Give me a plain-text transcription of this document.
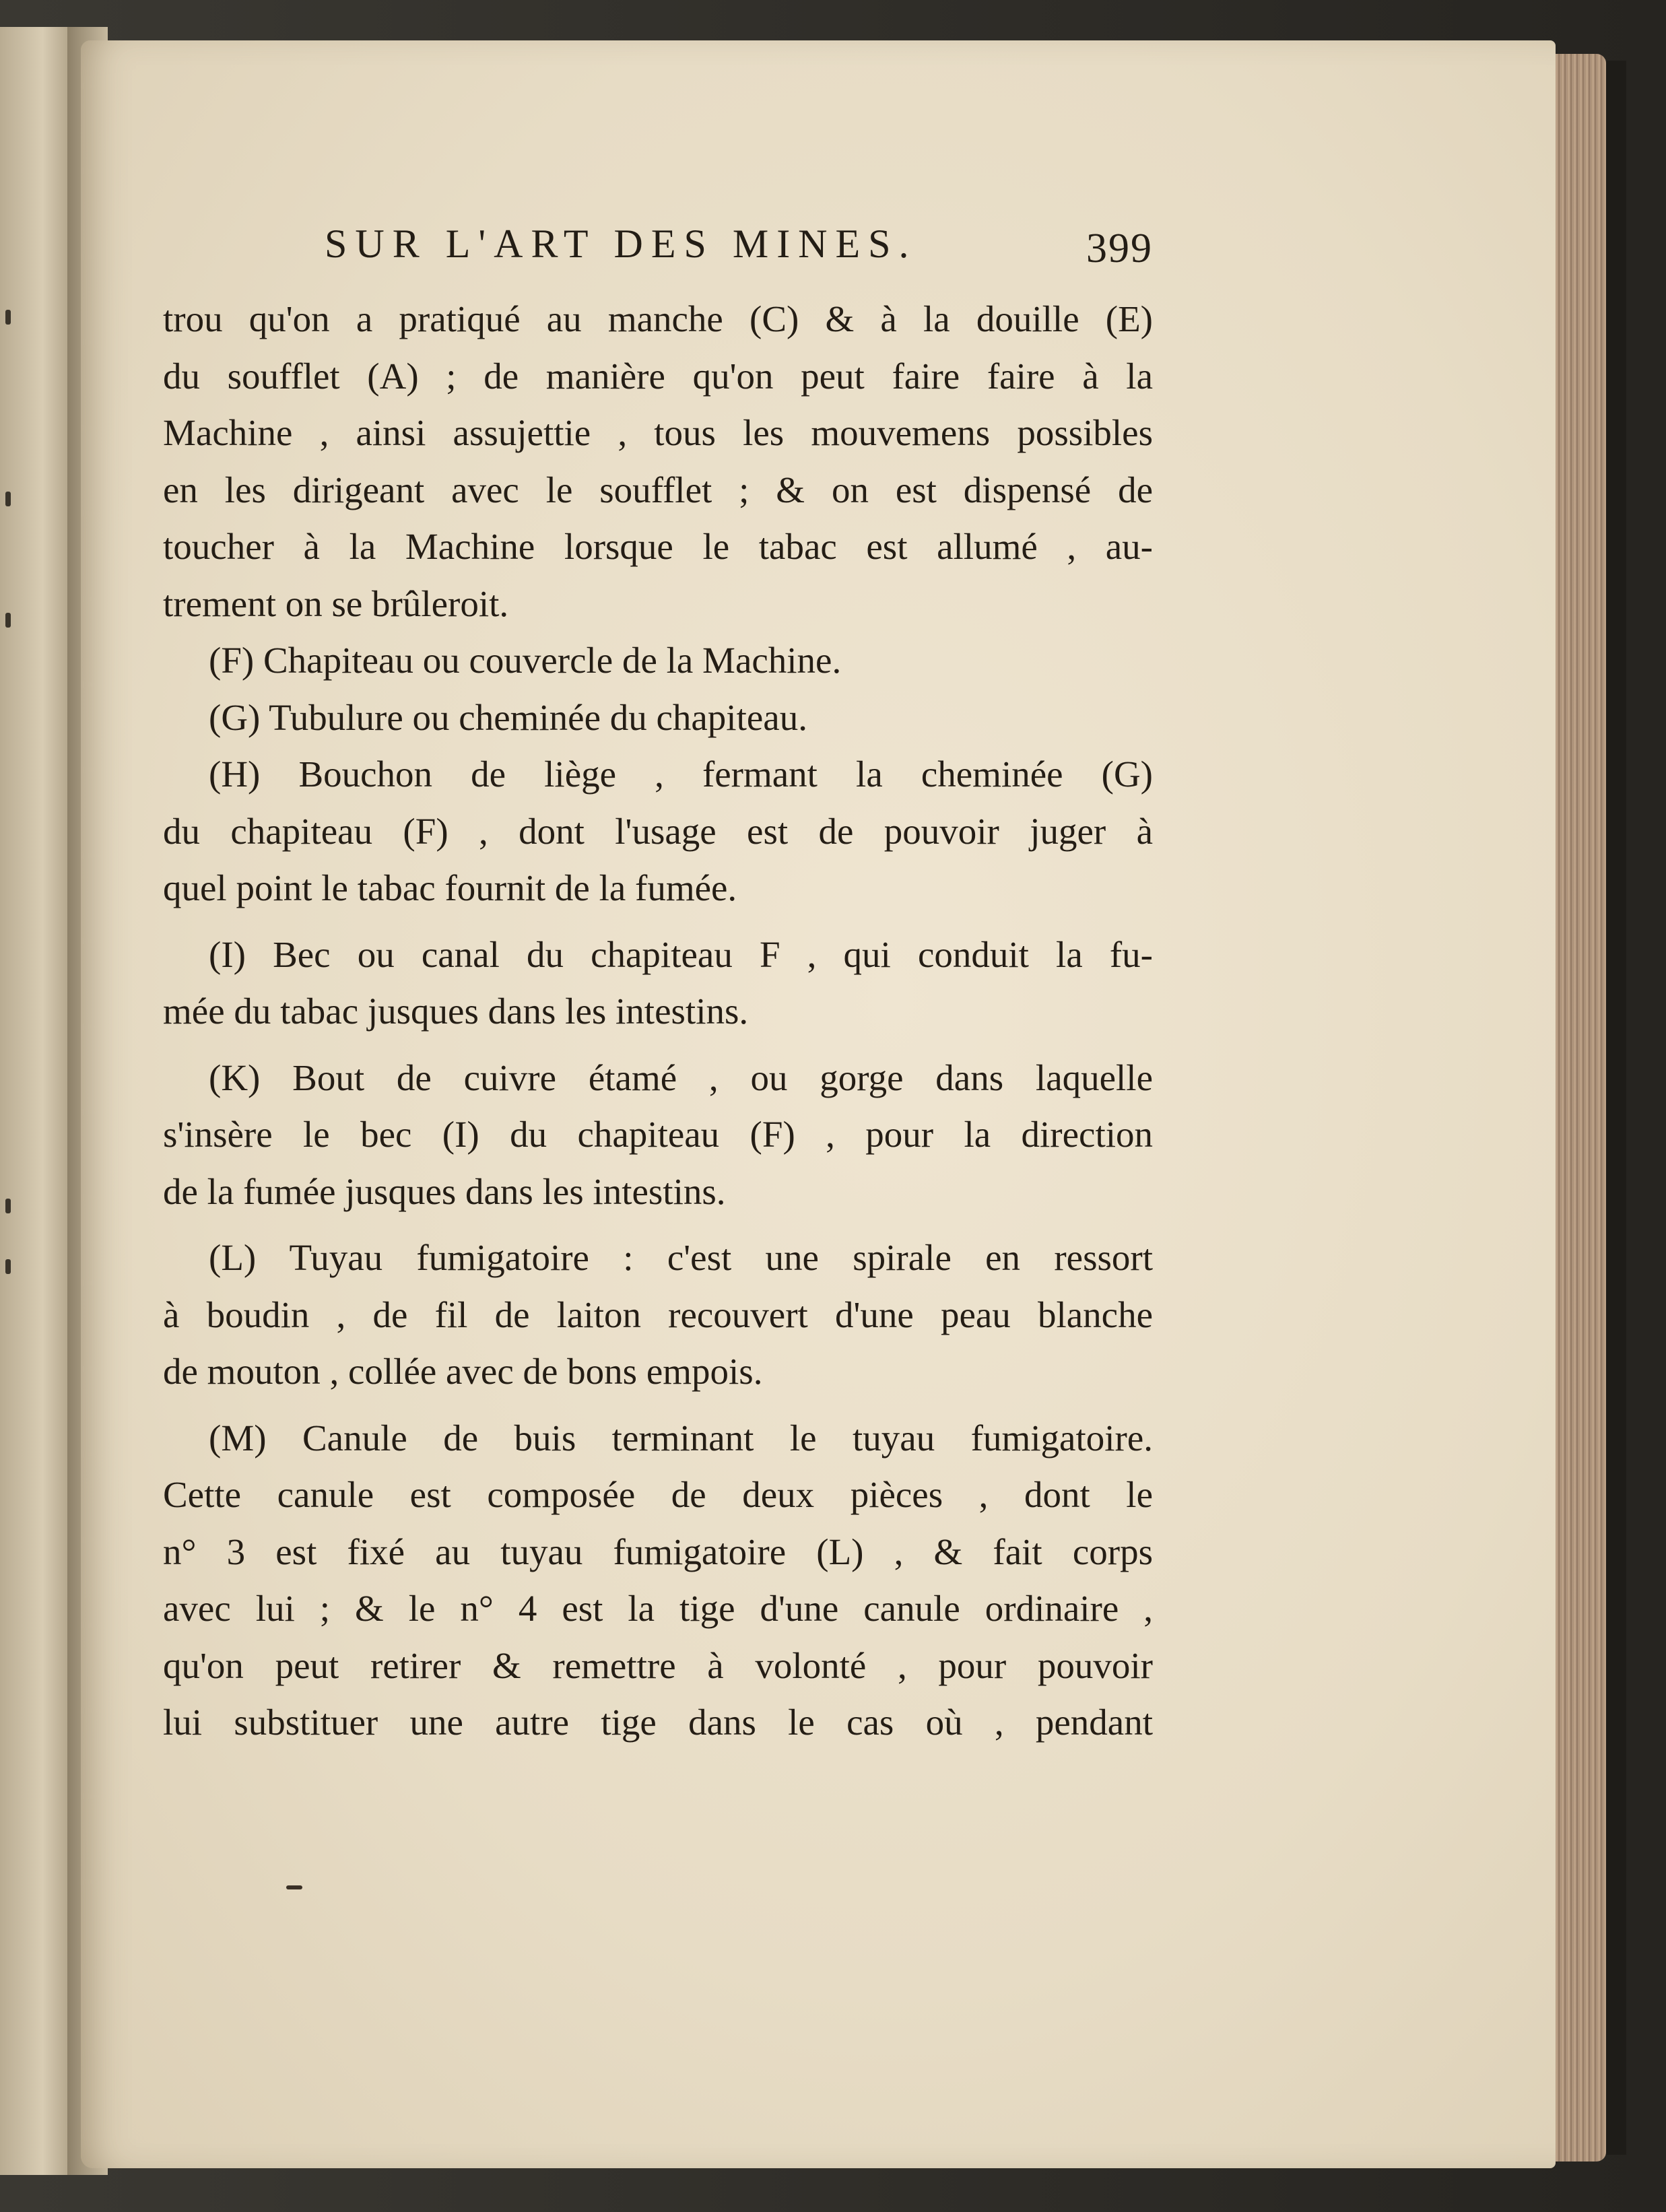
SUR L'ART DES MINES.	399
trou qu'on a pratiqué au manche (C) & à la douille (E)
du soufflet (A) ; de manière qu'on peut faire faire à la
Machine , ainsi assujettie , tous les mouvemens possibles
en les dirigeant avec le soufflet ; & on est dispensé de
toucher à la Machine lorsque le tabac est allumé , au-
trement on se brûleroit.
(F) Chapiteau ou couvercle de la Machine.
(G) Tubulure ou cheminée du chapiteau.
(H) Bouchon de liège , fermant la cheminée (G)
du chapiteau (F) , dont l'usage est de pouvoir juger à
quel point le tabac fournit de la fumée.
(I) Bec ou canal du chapiteau F , qui conduit la fu-
mée du tabac jusques dans les intestins.
(K) Bout de cuivre étamé , ou gorge dans laquelle
s'insère le bec (I) du chapiteau (F) , pour la direction
de la fumée jusques dans les intestins.
(L) Tuyau fumigatoire : c'est une spirale en ressort
à boudin , de fil de laiton recouvert d'une peau blanche
de mouton , collée avec de bons empois.
(M) Canule de buis terminant le tuyau fumigatoire.
Cette canule est composée de deux pièces , dont le
n° 3 est fixé au tuyau fumigatoire (L) , & fait corps
avec lui ; & le n° 4 est la tige d'une canule ordinaire ,
qu'on peut retirer & remettre à volonté , pour pouvoir
lui substituer une autre tige dans le cas où , pendant
